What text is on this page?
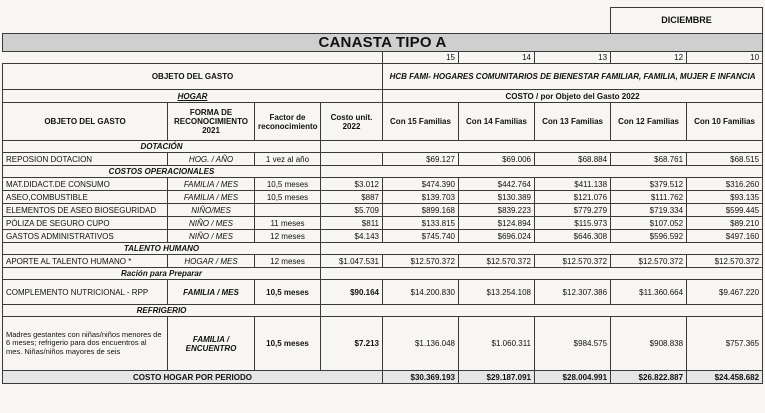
							DICIEMBRE	
CANASTA TIPO A								
				15	14	13	12	10
OBJETO DEL GASTO				HCB FAMI- HOGARES COMUNITARIOS DE BIENESTAR FAMILIAR, FAMILIA, MUJER E INFANCIA				
HOGAR				COSTO / por Objeto del Gasto 2022				
OBJETO DEL GASTO	FORMA DE RECONOCIMIENTO 2021	Factor de reconocimiento	Costo unit. 2022	Con 15 Familias	Con 14 Familias	Con 13 Familias	Con 12 Familias	Con 10 Familias
DOTACIÓN								
REPOSION DOTACION	HOG. / AÑO	1 vez al año		$69.127	$69.006	$68.884	$68.761	$68.515
COSTOS OPERACIONALES								
MAT.DIDACT.DE CONSUMO	FAMILIA / MES	10,5 meses	$3.012	$474.390	$442.764	$411.138	$379.512	$316.260
ASEO,COMBUSTIBLE	FAMILIA / MES	10,5 meses	$887	$139.703	$130.389	$121.076	$111.762	$93.135
ELEMENTOS DE ASEO BIOSEGURIDAD	NIÑO/MES		$5.709	$899.168	$839.223	$779.279	$719.334	$599.445
PÓLIZA DE SEGURO CUPO	NIÑO / MES	11 meses	$811	$133.815	$124.894	$115.973	$107.052	$89.210
GASTOS ADMINISTRATIVOS	NIÑO / MES	12 meses	$4.143	$745.740	$696.024	$646.308	$596.592	$497.160
TALENTO HUMANO								
APORTE AL TALENTO HUMANO *	HOGAR / MES	12 meses	$1.047.531	$12.570.372	$12.570.372	$12.570.372	$12.570.372	$12.570.372
Ración para Preparar								
COMPLEMENTO NUTRICIONAL - RPP	FAMILIA / MES	10,5 meses	$90.164	$14.200.830	$13.254.108	$12.307.386	$11.360.664	$9.467.220
REFRIGERIO								
Madres gestantes con niñas/niños menores de 6 meses; refrigerio para dos encuentros al mes. Niñas/niños mayores de seis	FAMILIA / ENCUENTRO	10,5 meses	$7.213	$1.136.048	$1.060.311	$984.575	$908.838	$757.365
COSTO HOGAR POR PERIODO				$30.369.193	$29.187.091	$28.004.991	$26.822.887	$24.458.682
